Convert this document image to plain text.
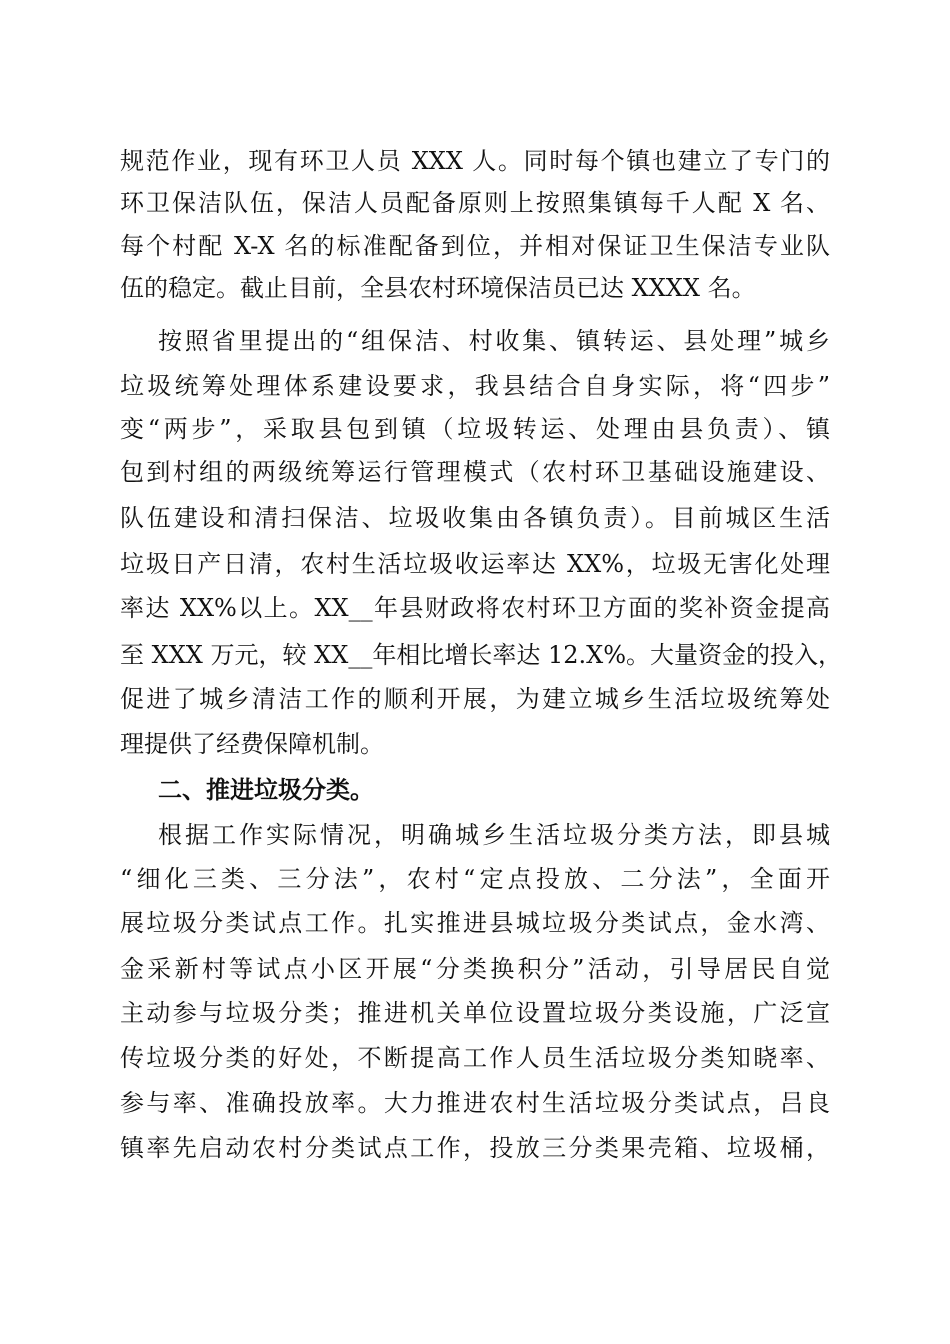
规范作业，现有环卫人员 XXX 人。同时每个镇也建立了专门的
环卫保洁队伍，保洁人员配备原则上按照集镇每千人配 X 名、
每个村配 X-X 名的标准配备到位，并相对保证卫生保洁专业队
伍的稳定。截止目前，全县农村环境保洁员已达 XXXX 名。
按照省里提出的“组保洁、村收集、镇转运、县处理”城乡
垃圾统筹处理体系建设要求，我县结合自身实际，将“四步”
变“两步”，采取县包到镇（垃圾转运、处理由县负责）、镇
包到村组的两级统筹运行管理模式（农村环卫基础设施建设、
队伍建设和清扫保洁、垃圾收集由各镇负责）。目前城区生活
垃圾日产日清，农村生活垃圾收运率达 XX%，垃圾无害化处理
率达 XX%以上。XX__年县财政将农村环卫方面的奖补资金提高
至 XXX 万元，较 XX__年相比增长率达 12.X%。大量资金的投入，
促进了城乡清洁工作的顺利开展，为建立城乡生活垃圾统筹处
理提供了经费保障机制。
二、推进垃圾分类。
根据工作实际情况，明确城乡生活垃圾分类方法，即县城
“细化三类、三分法”，农村“定点投放、二分法”，全面开
展垃圾分类试点工作。扎实推进县城垃圾分类试点，金水湾、
金采新村等试点小区开展“分类换积分”活动，引导居民自觉
主动参与垃圾分类；推进机关单位设置垃圾分类设施，广泛宣
传垃圾分类的好处，不断提高工作人员生活垃圾分类知晓率、
参与率、准确投放率。大力推进农村生活垃圾分类试点，吕良
镇率先启动农村分类试点工作，投放三分类果壳箱、垃圾桶，
